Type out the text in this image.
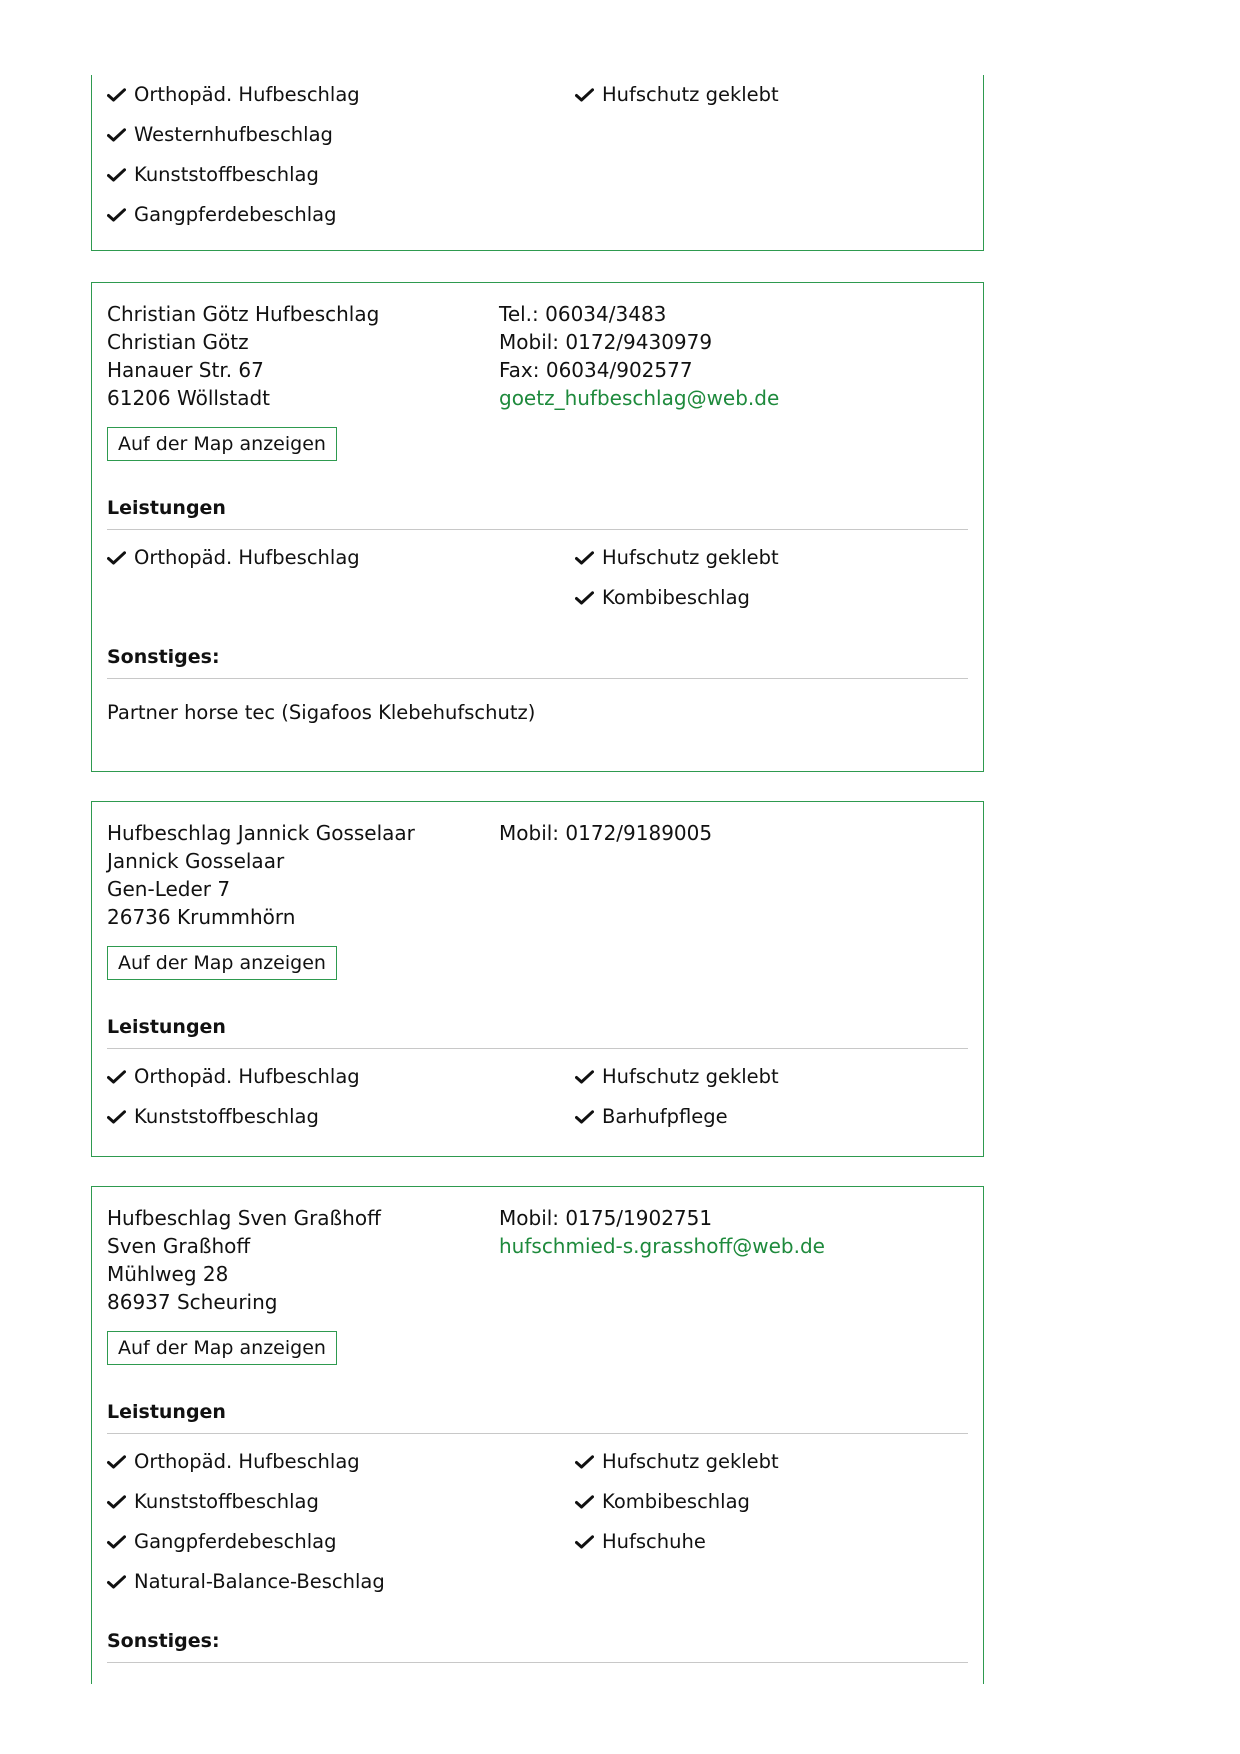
Orthopäd. Hufbeschlag
Westernhufbeschlag
Kunststoffbeschlag
Gangpferdebeschlag
Hufschutz geklebt
Christian Götz Hufbeschlag
Christian Götz
Hanauer Str. 67
61206 Wöllstadt
Tel.: 06034/3483
Mobil: 0172/9430979
Fax: 06034/902577
goetz_hufbeschlag@web.de
Auf der Map anzeigen
Leistungen
Orthopäd. Hufbeschlag	Hufschutz geklebt
Kombibeschlag
Sonstiges:
Partner horse tec (Sigafoos Klebehufschutz)
Hufbeschlag Jannick Gosselaar
Jannick Gosselaar
Gen-Leder 7
26736 Krummhörn
Mobil: 0172/9189005
Auf der Map anzeigen
Leistungen
Orthopäd. Hufbeschlag
Kunststoffbeschlag
Hufschutz geklebt
Barhufpflege
Hufbeschlag Sven Graßhoff
Sven Graßhoff
Mühlweg 28
86937 Scheuring
Mobil: 0175/1902751
hufschmied-s.grasshoff@web.de
Auf der Map anzeigen
Leistungen
Orthopäd. Hufbeschlag
Kunststoffbeschlag
Gangpferdebeschlag
Natural-Balance-Beschlag
Hufschutz geklebt
Kombibeschlag
Hufschuhe
Sonstiges:
